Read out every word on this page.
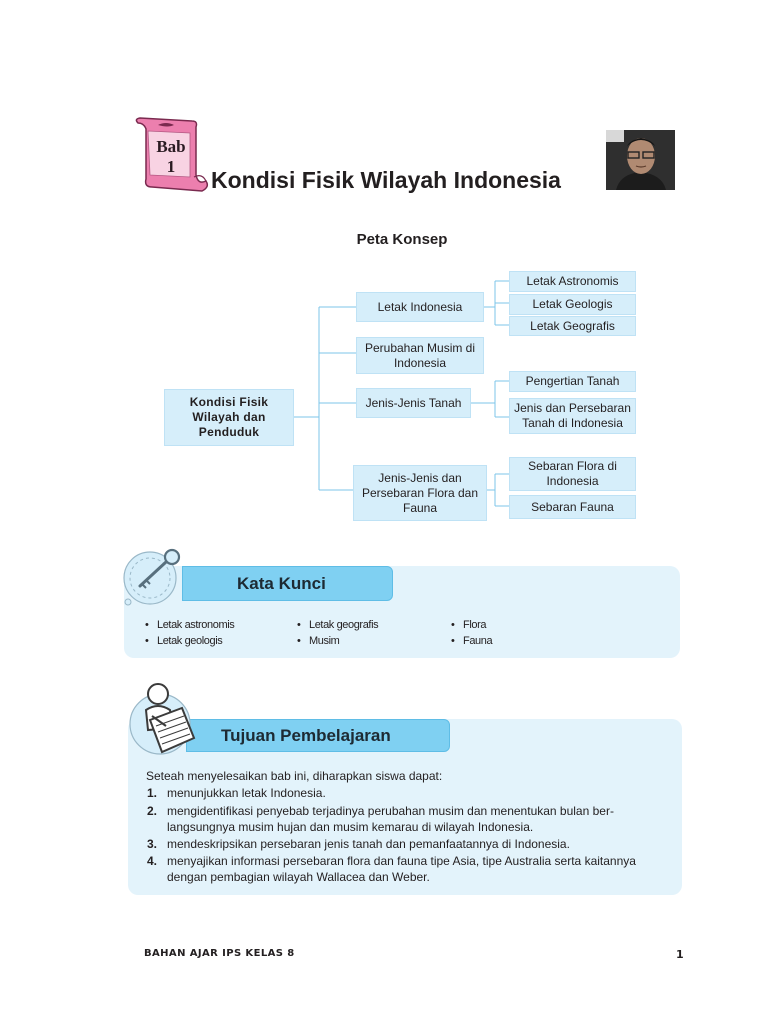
Bab 1
Kondisi Fisik Wilayah Indonesia
Peta Konsep
Kondisi Fisik Wilayah dan Penduduk
Letak Indonesia
Perubahan Musim di Indonesia
Jenis-Jenis Tanah
Jenis-Jenis dan Persebaran Flora dan Fauna
Letak Astronomis
Letak Geologis
Letak Geografis
Pengertian Tanah
Jenis dan Persebaran Tanah di Indonesia
Sebaran Flora di Indonesia
Sebaran Fauna
Kata Kunci
• Letak astronomis
• Letak geologis
• Letak geografis
• Musim
• Flora
• Fauna
Tujuan Pembelajaran
Seteah menyelesaikan bab ini, diharapkan siswa dapat:
1. menunjukkan letak Indonesia.
2. mengidentifikasi penyebab terjadinya perubahan musim dan menentukan bulan ber-
langsungnya musim hujan dan musim kemarau di wilayah Indonesia.
3. mendeskripsikan persebaran jenis tanah dan pemanfaatannya di Indonesia.
4. menyajikan informasi persebaran flora dan fauna tipe Asia, tipe Australia serta kaitannya
dengan pembagian wilayah Wallacea dan Weber.
BAHAN AJAR IPS KELAS 8	1
